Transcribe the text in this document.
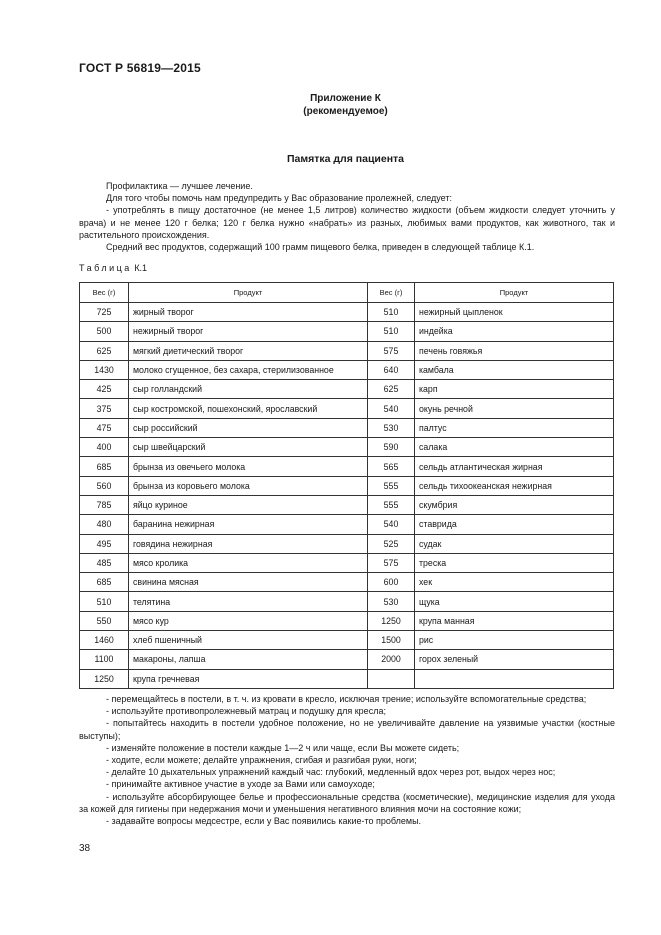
ГОСТ Р 56819—2015
Приложение К
(рекомендуемое)
Памятка для пациента

Профилактика — лучшее лечение.

Для того чтобы помочь нам предупредить у Вас образование пролежней, следует:

- употреблять в пищу достаточное (не менее 1,5 литров) количество жидкости (объем жидкости следует уточнить у врача) и не менее 120 г белка; 120 г белка нужно «набрать» из разных, любимых вами продуктов, как животного, так и растительного происхождения.

Средний вес продуктов, содержащий 100 грамм пищевого белка, приведен в следующей таблице К.1.

Таблица К.1
Вес (г)	Продукт	Вес (г)	Продукт
725	жирный творог	510	нежирный цыпленок
500	нежирный творог	510	индейка
625	мягкий диетический творог	575	печень говяжья
1430	молоко сгущенное, без сахара, стерилизованное	640	камбала
425	сыр голландский	625	карп
375	сыр костромской, пошехонский, ярославский	540	окунь речной
475	сыр российский	530	палтус
400	сыр швейцарский	590	салака
685	брынза из овечьего молока	565	сельдь атлантическая жирная
560	брынза из коровьего молока	555	сельдь тихоокеанская нежирная
785	яйцо куриное	555	скумбрия
480	баранина нежирная	540	ставрида
495	говядина нежирная	525	судак
485	мясо кролика	575	треска
685	свинина мясная	600	хек
510	телятина	530	щука
550	мясо кур	1250	крупа манная
1460	хлеб пшеничный	1500	рис
1100	макароны, лапша	2000	горох зеленый
1250	крупа гречневая		

- перемещайтесь в постели, в т. ч. из кровати в кресло, исключая трение; используйте вспомогательные средства;

- используйте противопролежневый матрац и подушку для кресла;

- попытайтесь находить в постели удобное положение, но не увеличивайте давление на уязвимые участки (костные выступы);

- изменяйте положение в постели каждые 1—2 ч или чаще, если Вы можете сидеть;

- ходите, если можете; делайте упражнения, сгибая и разгибая руки, ноги;

- делайте 10 дыхательных упражнений каждый час: глубокий, медленный вдох через рот, выдох через нос;

- принимайте активное участие в уходе за Вами или самоуходе;

- используйте абсорбирующее белье и профессиональные средства (косметические), медицинские изделия для ухода за кожей для гигиены при недержания мочи и уменьшения негативного влияния мочи на состояние кожи;

- задавайте вопросы медсестре, если у Вас появились какие-то проблемы.

38
